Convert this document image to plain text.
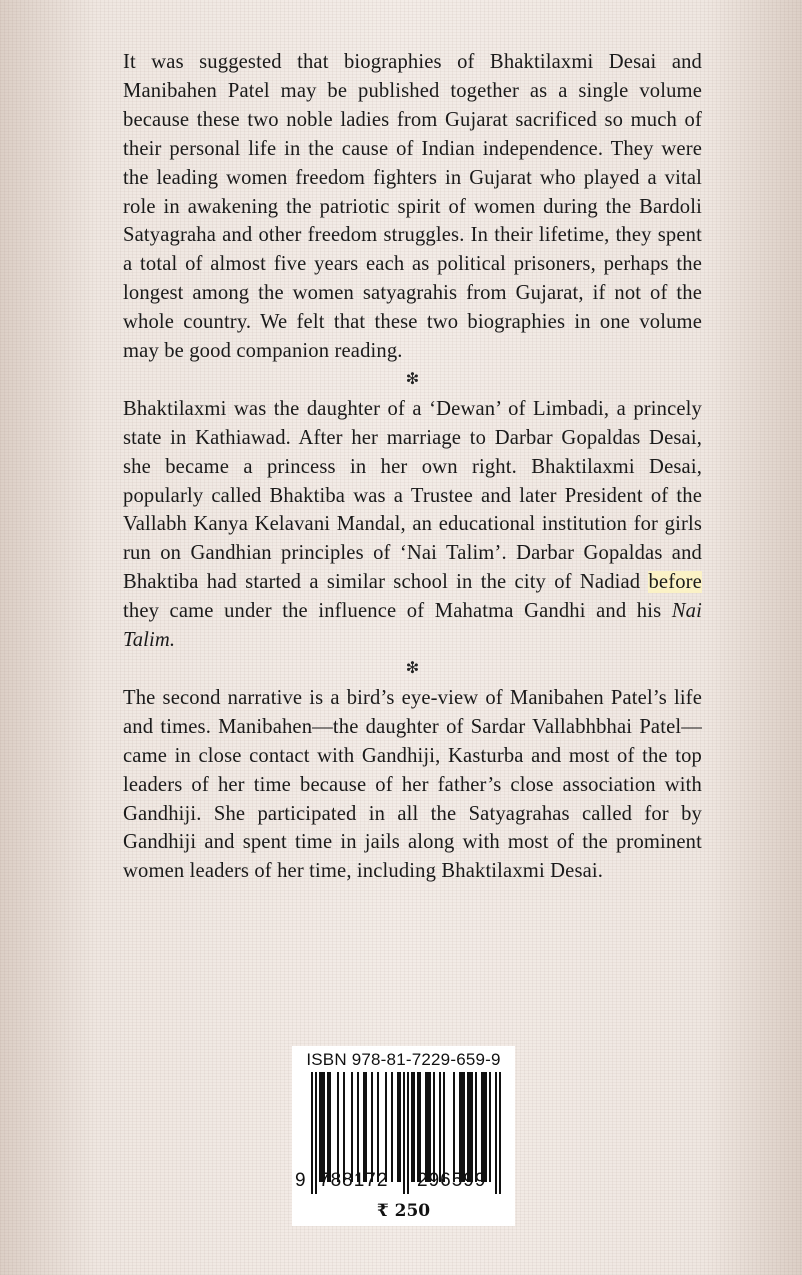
It was suggested that biographies of Bhaktilaxmi Desai and Manibahen Patel may be published together as a single volume because these two noble ladies from Gujarat sacrificed so much of their personal life in the cause of Indian independence. They were the leading women freedom fighters in Gujarat who played a vital role in awakening the patriotic spirit of women during the Bardoli Satyagraha and other freedom struggles. In their lifetime, they spent a total of almost five years each as political prisoners, perhaps the longest among the women satyagrahis from Gujarat, if not of the whole country. We felt that these two biographies in one volume may be good companion reading.

❇

Bhaktilaxmi was the daughter of a ‘Dewan’ of Limbadi, a princely state in Kathiawad. After her marriage to Darbar Gopaldas Desai, she became a princess in her own right. Bhaktilaxmi Desai, popularly called Bhaktiba was a Trustee and later President of the Vallabh Kanya Kelavani Mandal, an educational institution for girls run on Gandhian principles of ‘Nai Talim’. Darbar Gopaldas and Bhaktiba had started a similar school in the city of Nadiad before they came under the influence of Mahatma Gandhi and his Nai Talim.

❇

The second narrative is a bird’s eye-view of Manibahen Patel’s life and times. Manibahen—the daughter of Sardar Vallabhbhai Patel—came in close contact with Gandhiji, Kasturba and most of the top leaders of her time because of her father’s close association with Gandhiji. She participated in all the Satyagrahas called for by Gandhiji and spent time in jails along with most of the prominent women leaders of her time, including Bhaktilaxmi Desai.

ISBN 978-81-7229-659-9
9 788172 296599
₹ 250
